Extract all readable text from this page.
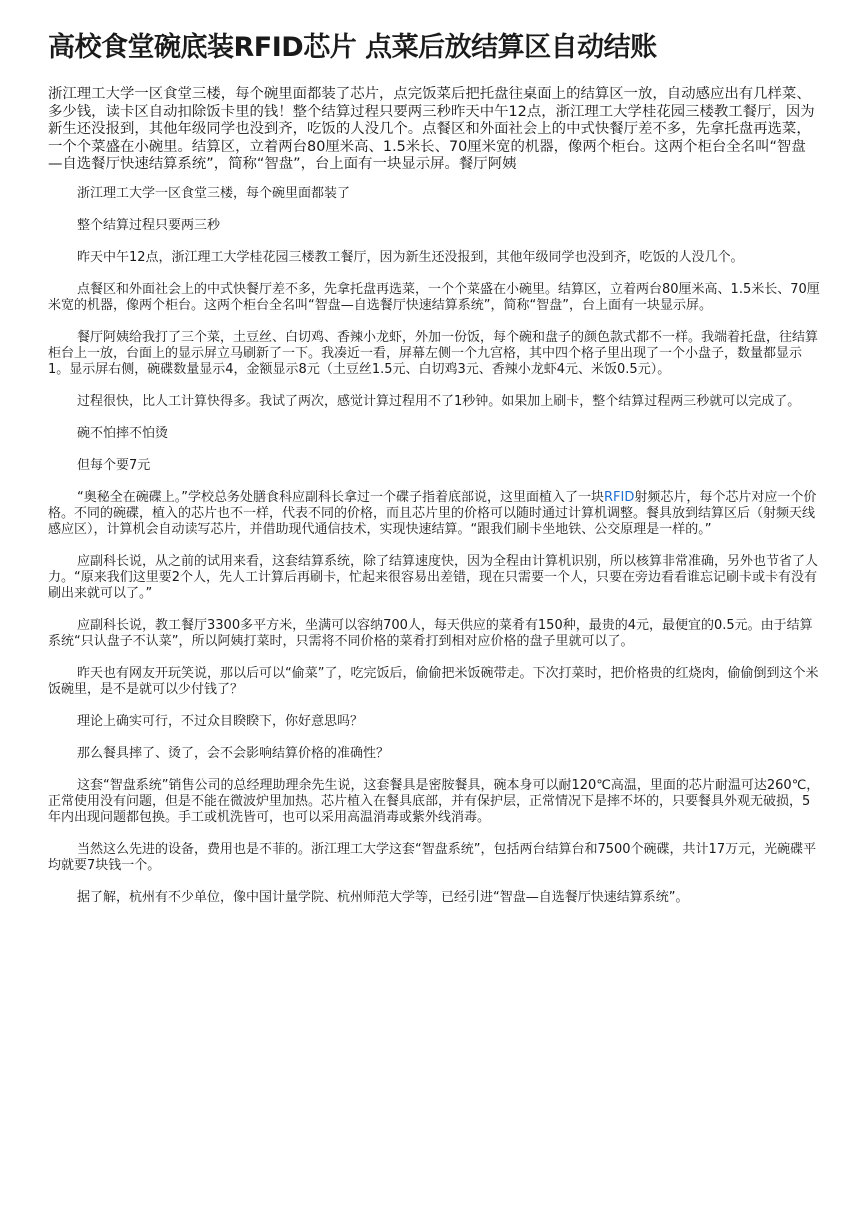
高校食堂碗底装RFID芯片 点菜后放结算区自动结账

浙江理工大学一区食堂三楼，每个碗里面都装了芯片，点完饭菜后把托盘往桌面上的结算区一放，自动感应出有几样菜、多少钱，读卡区自动扣除饭卡里的钱！整个结算过程只要两三秒昨天中午12点，浙江理工大学桂花园三楼教工餐厅，因为新生还没报到，其他年级同学也没到齐，吃饭的人没几个。点餐区和外面社会上的中式快餐厅差不多，先拿托盘再选菜，一个个菜盛在小碗里。结算区，立着两台80厘米高、1.5米长、70厘米宽的机器，像两个柜台。这两个柜台全名叫“智盘—自选餐厅快速结算系统”，简称“智盘”，台上面有一块显示屏。餐厅阿姨

浙江理工大学一区食堂三楼，每个碗里面都装了

整个结算过程只要两三秒

昨天中午12点，浙江理工大学桂花园三楼教工餐厅，因为新生还没报到，其他年级同学也没到齐，吃饭的人没几个。

点餐区和外面社会上的中式快餐厅差不多，先拿托盘再选菜，一个个菜盛在小碗里。结算区，立着两台80厘米高、1.5米长、70厘米宽的机器，像两个柜台。这两个柜台全名叫“智盘—自选餐厅快速结算系统”，简称“智盘”，台上面有一块显示屏。

餐厅阿姨给我打了三个菜，土豆丝、白切鸡、香辣小龙虾，外加一份饭，每个碗和盘子的颜色款式都不一样。我端着托盘，往结算柜台上一放，台面上的显示屏立马刷新了一下。我凑近一看，屏幕左侧一个九宫格，其中四个格子里出现了一个小盘子，数量都显示1。显示屏右侧，碗碟数量显示4，金额显示8元（土豆丝1.5元、白切鸡3元、香辣小龙虾4元、米饭0.5元）。

过程很快，比人工计算快得多。我试了两次，感觉计算过程用不了1秒钟。如果加上刷卡，整个结算过程两三秒就可以完成了。

碗不怕摔不怕烫

但每个要7元

“奥秘全在碗碟上。”学校总务处膳食科应副科长拿过一个碟子指着底部说，这里面植入了一块RFID射频芯片，每个芯片对应一个价格。不同的碗碟，植入的芯片也不一样，代表不同的价格，而且芯片里的价格可以随时通过计算机调整。餐具放到结算区后（射频天线感应区），计算机会自动读写芯片，并借助现代通信技术，实现快速结算。“跟我们刷卡坐地铁、公交原理是一样的。”

应副科长说，从之前的试用来看，这套结算系统，除了结算速度快，因为全程由计算机识别，所以核算非常准确，另外也节省了人力。“原来我们这里要2个人，先人工计算后再刷卡，忙起来很容易出差错，现在只需要一个人，只要在旁边看看谁忘记刷卡或卡有没有刷出来就可以了。”

应副科长说，教工餐厅3300多平方米，坐满可以容纳700人，每天供应的菜肴有150种，最贵的4元，最便宜的0.5元。由于结算系统“只认盘子不认菜”，所以阿姨打菜时，只需将不同价格的菜肴打到相对应价格的盘子里就可以了。

昨天也有网友开玩笑说，那以后可以“偷菜”了，吃完饭后，偷偷把米饭碗带走。下次打菜时，把价格贵的红烧肉，偷偷倒到这个米饭碗里，是不是就可以少付钱了？

理论上确实可行，不过众目睽睽下，你好意思吗？

那么餐具摔了、烫了，会不会影响结算价格的准确性？

这套“智盘系统”销售公司的总经理助理余先生说，这套餐具是密胺餐具，碗本身可以耐120℃高温，里面的芯片耐温可达260℃，正常使用没有问题，但是不能在微波炉里加热。芯片植入在餐具底部，并有保护层，正常情况下是摔不坏的，只要餐具外观无破损，5年内出现问题都包换。手工或机洗皆可，也可以采用高温消毒或紫外线消毒。

当然这么先进的设备，费用也是不菲的。浙江理工大学这套“智盘系统”，包括两台结算台和7500个碗碟，共计17万元，光碗碟平均就要7块钱一个。

据了解，杭州有不少单位，像中国计量学院、杭州师范大学等，已经引进“智盘—自选餐厅快速结算系统”。
